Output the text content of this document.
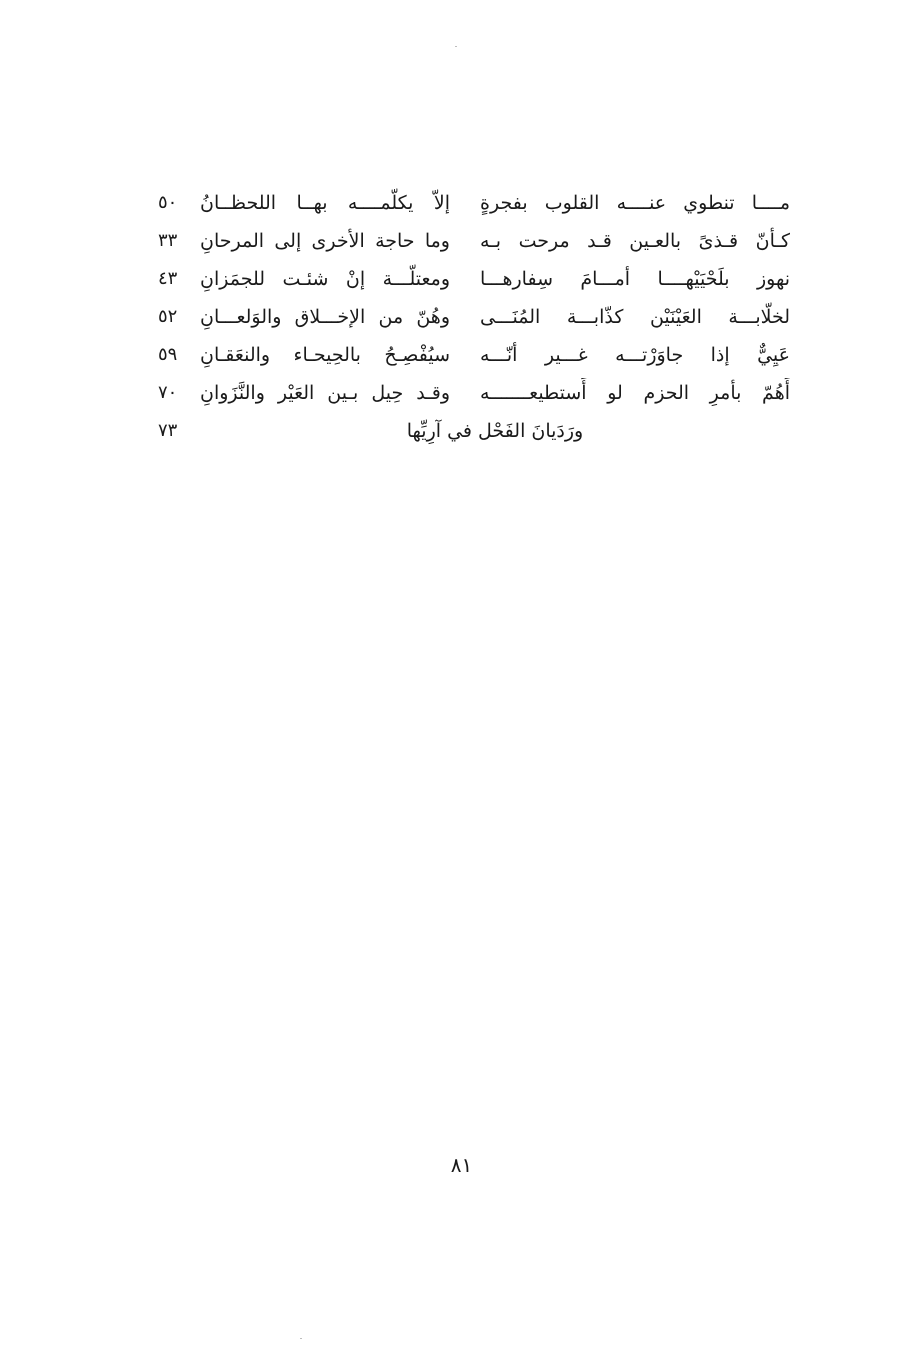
مــــا تنطوي عنــــه القلوب بفجرةٍ
إلاّ يكلّمــــه بهــا اللحظــانُ
٥٠
كـأنّ قـذىً بالعـين قـد مرحت بـه
وما حاجة الأخرى إلى المرحانِ
٣٣
نهوز بلَحْيَيْهــــا أمـــامَ سِفارهـــا
ومعتلّـــة إنْ شئـت للجمَزانِ
٤٣
لخلّابـــة العَيْنَيْن كذّابـــة المُنَـــى
وهُنّ من الإخـــلاق والوَلعـــانِ
٥٢
عَيِيٌّ إذا جاوَرْتـــه غـــير أنّـــه
سيُفْصِـحُ بالحِيحـاء والنعَقـانِ
٥٩
أَهُمّ بأمرِ الحزم لو أَستطيعـــــــه
وقـد حِيل بـين العَيْر والنَّزَوانِ
٧٠
ورَدَيانَ الفَحْل في آرِيِّها
٧٣
٨١
